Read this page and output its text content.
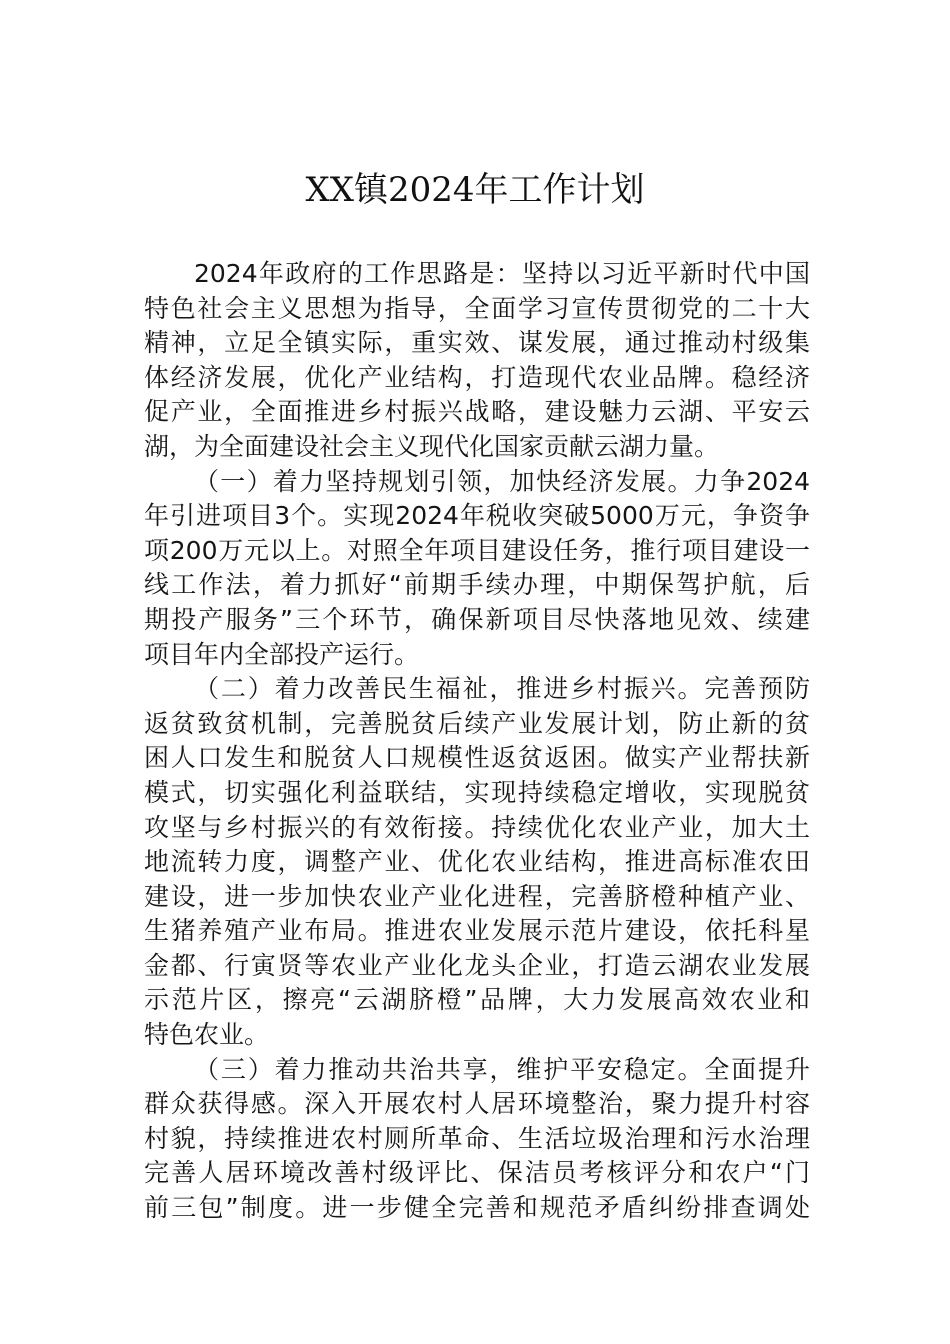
XX镇2024年工作计划
2024年政府的工作思路是：坚持以习近平新时代中国
特色社会主义思想为指导，全面学习宣传贯彻党的二十大
精神，立足全镇实际，重实效、谋发展，通过推动村级集
体经济发展，优化产业结构，打造现代农业品牌。稳经济
促产业，全面推进乡村振兴战略，建设魅力云湖、平安云
湖，为全面建设社会主义现代化国家贡献云湖力量。
（一）着力坚持规划引领，加快经济发展。力争2024
年引进项目3个。实现2024年税收突破5000万元，争资争
项200万元以上。对照全年项目建设任务，推行项目建设一
线工作法，着力抓好“前期手续办理，中期保驾护航，后
期投产服务”三个环节，确保新项目尽快落地见效、续建
项目年内全部投产运行。
（二）着力改善民生福祉，推进乡村振兴。完善预防
返贫致贫机制，完善脱贫后续产业发展计划，防止新的贫
困人口发生和脱贫人口规模性返贫返困。做实产业帮扶新
模式，切实强化利益联结，实现持续稳定增收，实现脱贫
攻坚与乡村振兴的有效衔接。持续优化农业产业，加大土
地流转力度，调整产业、优化农业结构，推进高标准农田
建设，进一步加快农业产业化进程，完善脐橙种植产业、
生猪养殖产业布局。推进农业发展示范片建设，依托科星
金都、行寅贤等农业产业化龙头企业，打造云湖农业发展
示范片区，擦亮“云湖脐橙”品牌，大力发展高效农业和
特色农业。
（三）着力推动共治共享，维护平安稳定。全面提升
群众获得感。深入开展农村人居环境整治，聚力提升村容
村貌，持续推进农村厕所革命、生活垃圾治理和污水治理
完善人居环境改善村级评比、保洁员考核评分和农户“门
前三包”制度。进一步健全完善和规范矛盾纠纷排查调处
